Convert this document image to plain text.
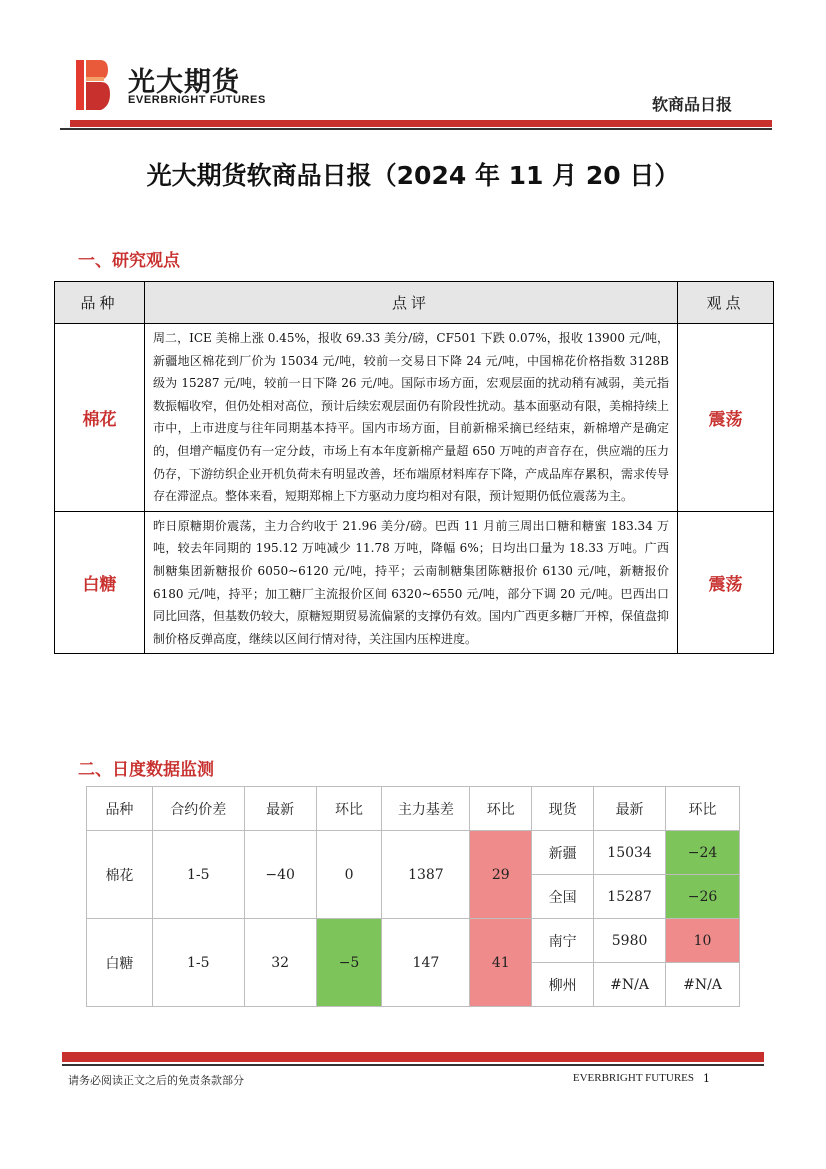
光大期货
EVERBRIGHT FUTURES	软商品日报
光大期货软商品日报（2024 年 11 月 20 日）
一、研究观点
品种	点评	观点
棉花	周二，ICE 美棉上涨 0.45%，报收 69.33 美分/磅，CF501 下跌 0.07%，报收 13900 元/吨，新疆地区棉花到厂价为 15034 元/吨，较前一交易日下降 24 元/吨，中国棉花价格指数 3128B 级为 15287 元/吨，较前一日下降 26 元/吨。国际市场方面，宏观层面的扰动稍有减弱，美元指数振幅收窄，但仍处相对高位，预计后续宏观层面仍有阶段性扰动。基本面驱动有限，美棉持续上市中，上市进度与往年同期基本持平。国内市场方面，目前新棉采摘已经结束，新棉增产是确定的，但增产幅度仍有一定分歧，市场上有本年度新棉产量超 650 万吨的声音存在，供应端的压力仍存，下游纺织企业开机负荷未有明显改善，坯布端原材料库存下降，产成品库存累积，需求传导存在滞涩点。整体来看，短期郑棉上下方驱动力度均相对有限，预计短期仍低位震荡为主。	震荡
白糖	昨日原糖期价震荡，主力合约收于 21.96 美分/磅。巴西 11 月前三周出口糖和糖蜜 183.34 万吨，较去年同期的 195.12 万吨减少 11.78 万吨，降幅 6%；日均出口量为 18.33 万吨。广西制糖集团新糖报价 6050~6120 元/吨，持平；云南制糖集团陈糖报价 6130 元/吨，新糖报价 6180 元/吨，持平；加工糖厂主流报价区间 6320~6550 元/吨，部分下调 20 元/吨。巴西出口同比回落，但基数仍较大，原糖短期贸易流偏紧的支撑仍有效。国内广西更多糖厂开榨，保值盘抑制价格反弹高度，继续以区间行情对待，关注国内压榨进度。	震荡
二、日度数据监测
品种	合约价差	最新	环比	主力基差	环比	现货	最新	环比
棉花	1-5	−40	0	1387	29	新疆	15034	−24
						全国	15287	−26
白糖	1-5	32	−5	147	41	南宁	5980	10
						柳州	#N/A	#N/A
请务必阅读正文之后的免责条款部分	EVERBRIGHT FUTURES 1
